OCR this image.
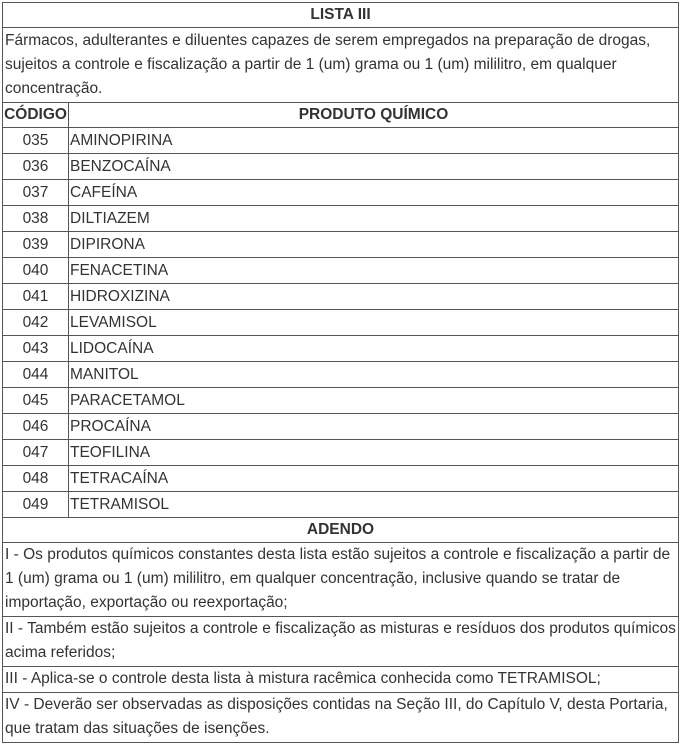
LISTA III	
Fármacos, adulterantes e diluentes capazes de serem empregados na preparação de drogas, sujeitos a controle e fiscalização a partir de 1 (um) grama ou 1 (um) mililitro, em qualquer concentração.	
CÓDIGO	PRODUTO QUÍMICO
035	AMINOPIRINA
036	BENZOCAÍNA
037	CAFEÍNA
038	DILTIAZEM
039	DIPIRONA
040	FENACETINA
041	HIDROXIZINA
042	LEVAMISOL
043	LIDOCAÍNA
044	MANITOL
045	PARACETAMOL
046	PROCAÍNA
047	TEOFILINA
048	TETRACAÍNA
049	TETRAMISOL
ADENDO	
I - Os produtos químicos constantes desta lista estão sujeitos a controle e fiscalização a partir de 1 (um) grama ou 1 (um) mililitro, em qualquer concentração, inclusive quando se tratar de importação, exportação ou reexportação;	
II - Também estão sujeitos a controle e fiscalização as misturas e resíduos dos produtos químicos acima referidos;	
III - Aplica-se o controle desta lista à mistura racêmica conhecida como TETRAMISOL;	
IV - Deverão ser observadas as disposições contidas na Seção III, do Capítulo V, desta Portaria, que tratam das situações de isenções.	
